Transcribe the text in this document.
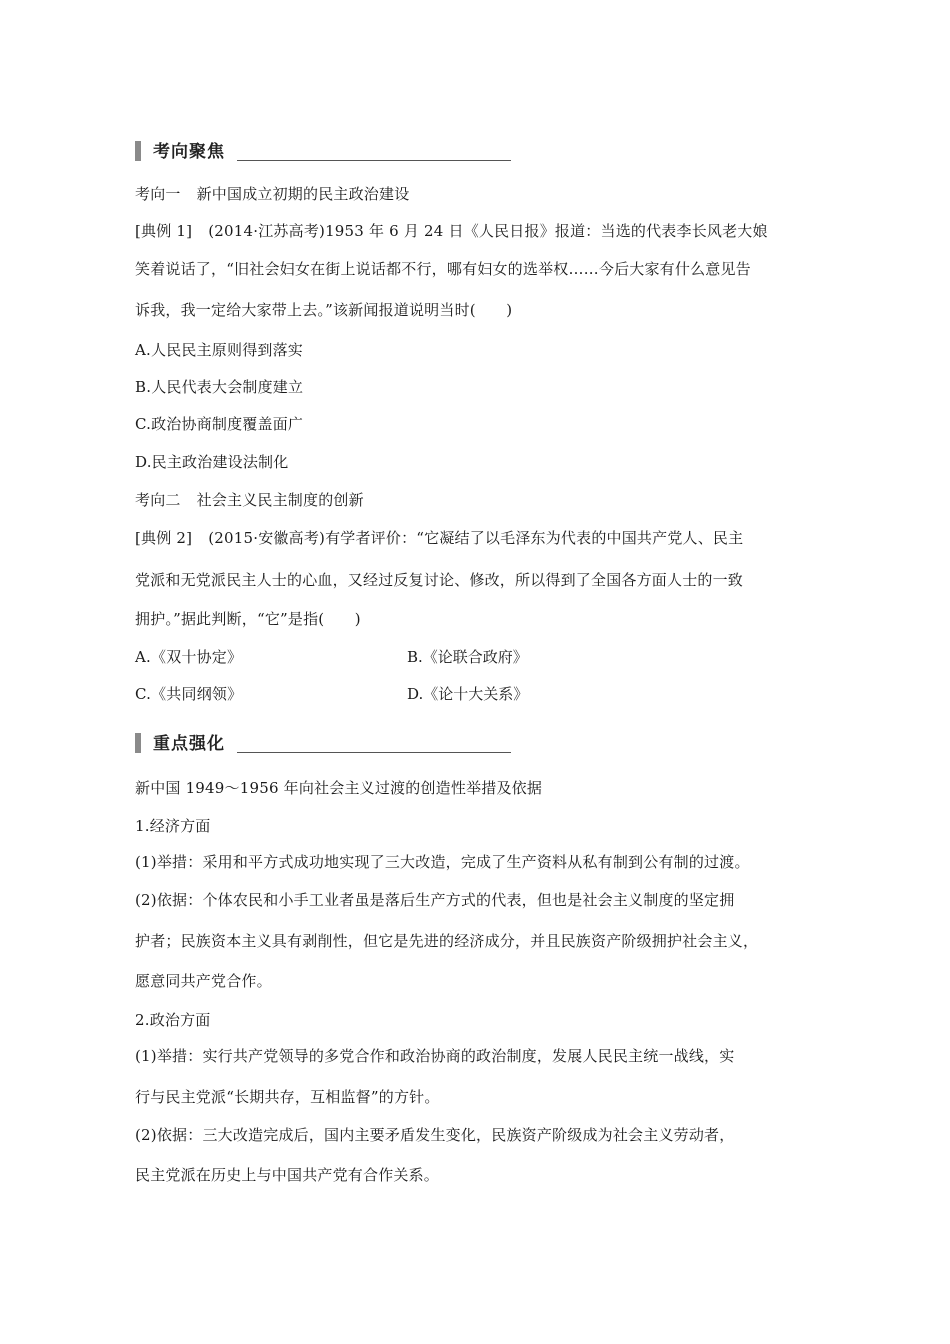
考向聚焦
考向一 新中国成立初期的民主政治建设
[典例 1] (2014·江苏高考)1953 年 6 月 24 日《人民日报》报道：当选的代表李长风老大娘
笑着说话了，“旧社会妇女在街上说话都不行，哪有妇女的选举权……今后大家有什么意见告
诉我，我一定给大家带上去。”该新闻报道说明当时(　　)
A.人民民主原则得到落实
B.人民代表大会制度建立
C.政治协商制度覆盖面广
D.民主政治建设法制化
考向二 社会主义民主制度的创新
[典例 2] (2015·安徽高考)有学者评价：“它凝结了以毛泽东为代表的中国共产党人、民主
党派和无党派民主人士的心血，又经过反复讨论、修改，所以得到了全国各方面人士的一致
拥护。”据此判断，“它”是指(　　)
A.《双十协定》	B.《论联合政府》
C.《共同纲领》	D.《论十大关系》
重点强化
新中国 1949～1956 年向社会主义过渡的创造性举措及依据
1.经济方面
(1)举措：采用和平方式成功地实现了三大改造，完成了生产资料从私有制到公有制的过渡。
(2)依据：个体农民和小手工业者虽是落后生产方式的代表，但也是社会主义制度的坚定拥
护者；民族资本主义具有剥削性，但它是先进的经济成分，并且民族资产阶级拥护社会主义，
愿意同共产党合作。
2.政治方面
(1)举措：实行共产党领导的多党合作和政治协商的政治制度，发展人民民主统一战线，实
行与民主党派“长期共存，互相监督”的方针。
(2)依据：三大改造完成后，国内主要矛盾发生变化，民族资产阶级成为社会主义劳动者，
民主党派在历史上与中国共产党有合作关系。
